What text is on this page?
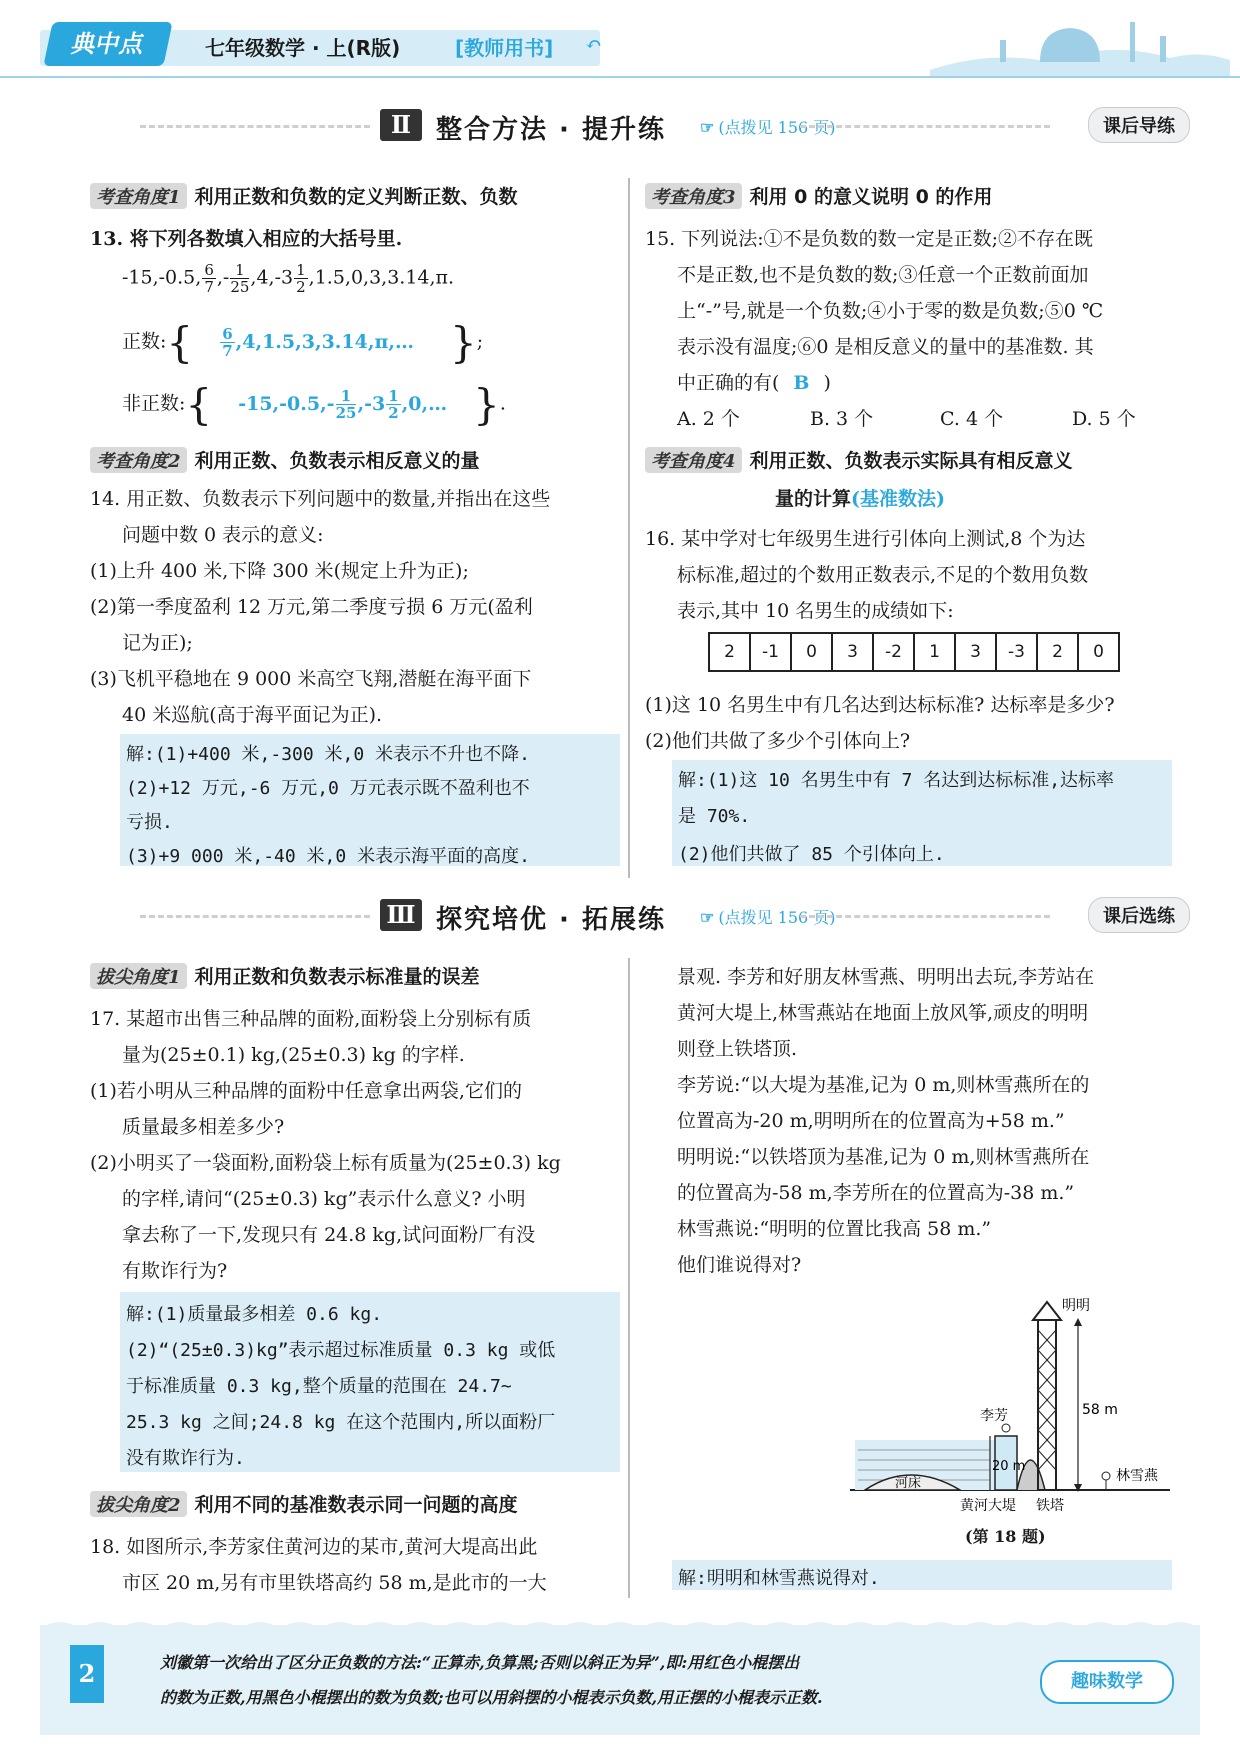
典中点	七年级数学 · 上(R版)	[教师用书] ↶
Ⅱ 整合方法 · 提升练 ☞ (点拨见 156 页)	课后导练
考查角度1 利用正数和负数的定义判断正数、负数
13. 将下列各数填入相应的大括号里.
-15,-0.5, $\frac{6}{7}$ ,- $\frac{1}{25} ,4,-3 \frac{1}{2} ,1.5,0,3,3.14,\pi$.
正数:{ $\frac{6}{7}$ ,4,1.5,3,3.14,π,… };
非正数:{ $-15,-0.5,- \frac{1}{25} ,-3 \frac{1}{2}$ ,0,… }.
考查角度2 利用正数、负数表示相反意义的量
14. 用正数、负数表示下列问题中的数量,并指出在这些
问题中数 0 表示的意义:
(1)上升 400 米,下降 300 米(规定上升为正);
(2)第一季度盈利 12 万元,第二季度亏损 6 万元(盈利
记为正);
(3)飞机平稳地在 9 000 米高空飞翔,潜艇在海平面下
40 米巡航(高于海平面记为正).
解:(1)+400 米,-300 米,0 米表示不升也不降.
(2)+12 万元,-6 万元,0 万元表示既不盈利也不
亏损.
(3)+9 000 米,-40 米,0 米表示海平面的高度.
考查角度3 利用 0 的意义说明 0 的作用
15. 下列说法:①不是负数的数一定是正数;②不存在既
不是正数,也不是负数的数;③任意一个正数前面加
上“-”号,就是一个负数;④小于零的数是负数;⑤0 ℃
表示没有温度;⑥0 是相反意义的量中的基准数. 其
中正确的有( B )
A. 2 个	B. 3 个	C. 4 个	D. 5 个
考查角度4 利用正数、负数表示实际具有相反意义
量的计算(基准数法)
16. 某中学对七年级男生进行引体向上测试,8 个为达
标标准,超过的个数用正数表示,不足的个数用负数
表示,其中 10 名男生的成绩如下:
2	-1	0	3	-2	1	3	-3	2	0
(1)这 10 名男生中有几名达到达标标准? 达标率是多少?
(2)他们共做了多少个引体向上?
解:(1)这 10 名男生中有 7 名达到达标标准,达标率
是 70%.
(2)他们共做了 85 个引体向上.
Ⅲ 探究培优 · 拓展练 ☞ (点拨见 156 页)	课后选练
拔尖角度1 利用正数和负数表示标准量的误差
17. 某超市出售三种品牌的面粉,面粉袋上分别标有质
量为(25±0.1) kg,(25±0.3) kg 的字样.
(1)若小明从三种品牌的面粉中任意拿出两袋,它们的
质量最多相差多少?
(2)小明买了一袋面粉,面粉袋上标有质量为(25±0.3) kg
的字样,请问“(25±0.3) kg”表示什么意义? 小明
拿去称了一下,发现只有 24.8 kg,试问面粉厂有没
有欺诈行为?
解:(1)质量最多相差 0.6 kg.
(2)“(25±0.3)kg”表示超过标准质量 0.3 kg 或低
于标准质量 0.3 kg,整个质量的范围在 24.7~
25.3 kg 之间;24.8 kg 在这个范围内,所以面粉厂
没有欺诈行为.
拔尖角度2 利用不同的基准数表示同一问题的高度
18. 如图所示,李芳家住黄河边的某市,黄河大堤高出此
市区 20 m,另有市里铁塔高约 58 m,是此市的一大
景观. 李芳和好朋友林雪燕、明明出去玩,李芳站在
黄河大堤上,林雪燕站在地面上放风筝,顽皮的明明
则登上铁塔顶.
李芳说:“以大堤为基准,记为 0 m,则林雪燕所在的
位置高为-20 m,明明所在的位置高为+58 m.”
明明说:“以铁塔顶为基准,记为 0 m,则林雪燕所在
的位置高为-58 m,李芳所在的位置高为-38 m.”
林雪燕说:“明明的位置比我高 58 m.”
他们谁说得对?
明明
58 m
李芳
20 m
林雪燕
河床
黄河大堤 铁塔
(第 18 题)
解:明明和林雪燕说得对.
2	刘徽第一次给出了区分正负数的方法:“正算赤,负算黑;否则以斜正为异”,即:用红色小棍摆出
的数为正数,用黑色小棍摆出的数为负数;也可以用斜摆的小棍表示负数,用正摆的小棍表示正数.
趣味数学
